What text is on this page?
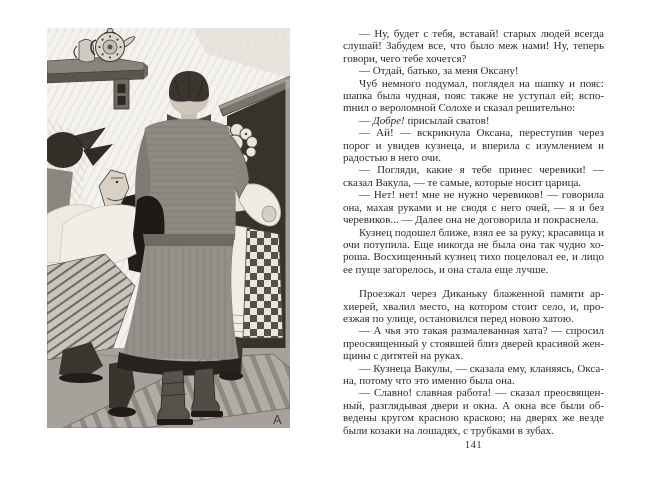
А

— Ну, будет с тебя, вставай! старых людей всегда слушай! Забудем все, что было меж нами! Ну, теперь говори, чего тебе хочется?

— Отдай, батько, за меня Оксану!

Чуб немного подумал, поглядел на шапку и пояс: шапка была чудная, пояс также не уступал ей; вспоmнил о вероломной Солохе и сказал решительно:

— Добре! присылай сватов!

— Ай! — вскрикнула Оксана, переступив через порог и увидев кузнеца, и вперила с изумлением и радостью в него очи.

— Погляди, какие я тебе принес черевики! — сказал Вакула, — те самые, которые носит царица.

— Нет! нет! мне не нужно черевиков! — говорила она, махая руками и не сводя с него очей, — я и без черевиков... — Далее она не договорила и покраснела.

Кузнец подошел ближе, взял ее за руку; красавица и очи потупила. Еще никогда не была она так чудно хороша. Восхищенный кузнец тихо поцеловал ее, и лицо ее пуще загорелось, и она стала еще лучше.

Проезжал через Диканьку блаженной памяти архиерей, хвалил место, на котором стоит село, и, проезжая по улице, остановился перед новою хатою.

— А чья это такая размалеванная хата? — спросил преосвященный у стоявшей близ дверей красивой женщины с дитятей на руках.

— Кузнеца Вакулы, — сказала ему, кланяясь, Оксана, потому что это именно была она.

— Славно! славная работа! — сказал преосвященный, разглядывая двери и окна. А окна все были обведены кругом красною краскою; на дверях же везде были козаки на лошадях, с трубками в зубах.

141
